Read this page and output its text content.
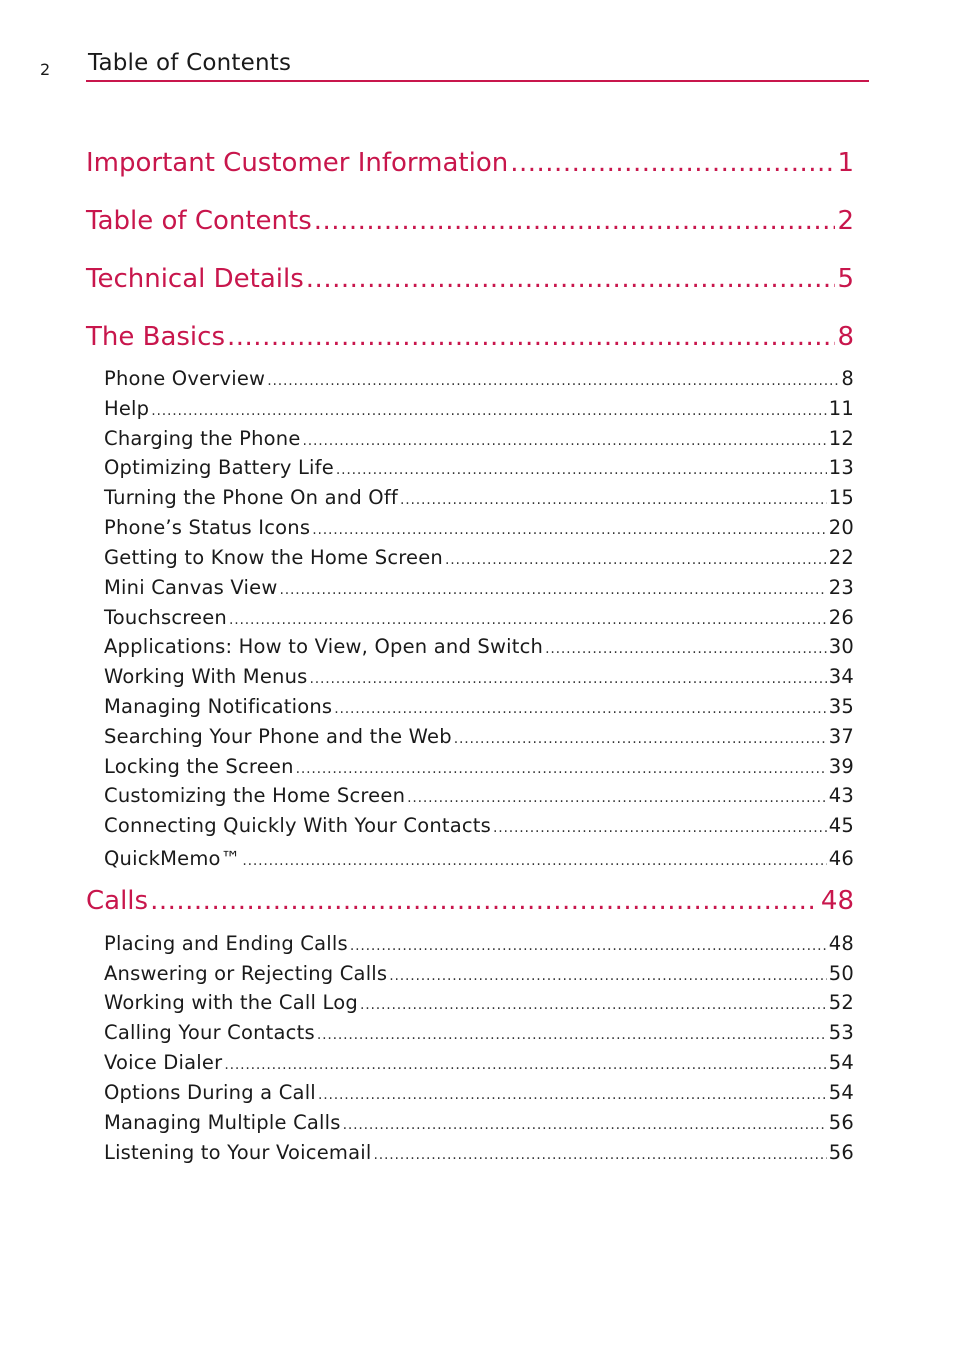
2 Table of Contents
Important Customer Information .....	1
Table of Contents .....	2
Technical Details .....	5
The Basics .....	8
Phone Overview .....	8
Help .....	11
Charging the Phone .....	12
Optimizing Battery Life .....	13
Turning the Phone On and Off .....	15
Phone’s Status Icons .....	20
Getting to Know the Home Screen .....	22
Mini Canvas View .....	23
Touchscreen .....	26
Applications: How to View, Open and Switch .....	30
Working With Menus .....	34
Managing Notifications .....	35
Searching Your Phone and the Web .....	37
Locking the Screen .....	39
Customizing the Home Screen .....	43
Connecting Quickly With Your Contacts .....	45
QuickMemo™ .....	46
Calls .....	48
Placing and Ending Calls .....	48
Answering or Rejecting Calls .....	50
Working with the Call Log .....	52
Calling Your Contacts .....	53
Voice Dialer .....	54
Options During a Call .....	54
Managing Multiple Calls .....	56
Listening to Your Voicemail .....	56
